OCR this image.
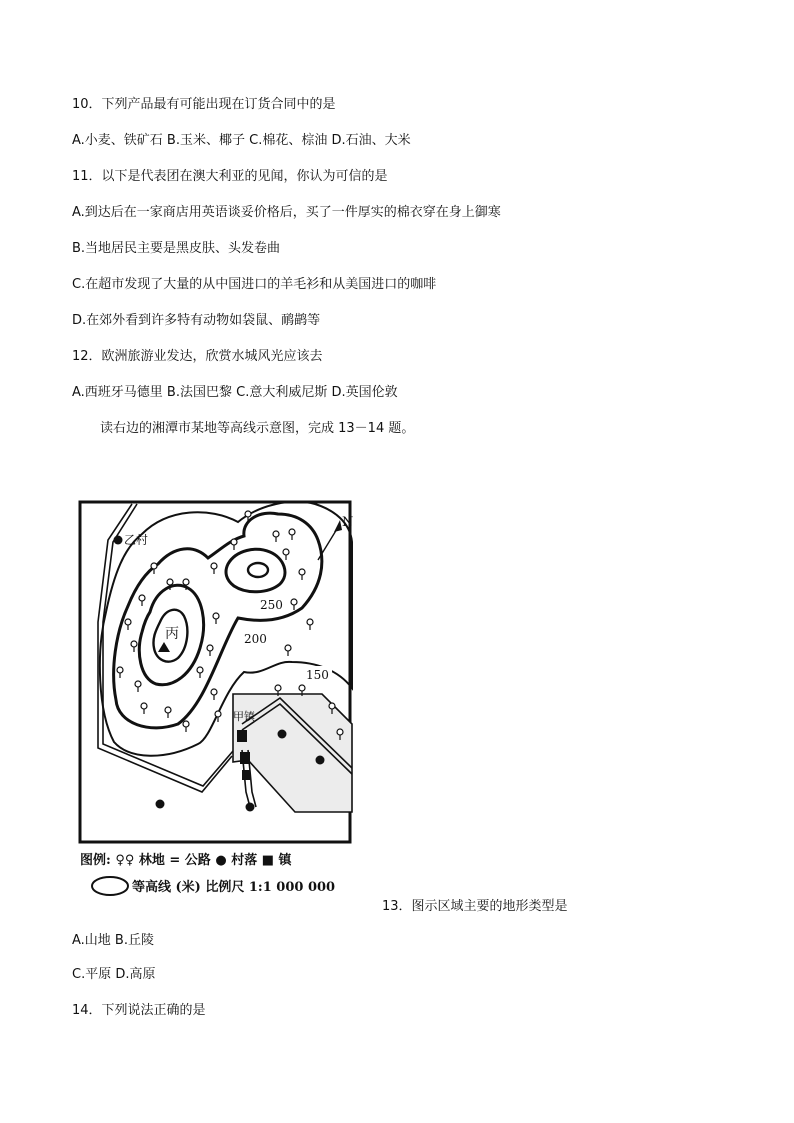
10．下列产品最有可能出现在订货合同中的是
A.小麦、铁矿石 B.玉米、椰子 C.棉花、棕油 D.石油、大米
11．以下是代表团在澳大利亚的见闻，你认为可信的是
A.到达后在一家商店用英语谈妥价格后，买了一件厚实的棉衣穿在身上御寒
B.当地居民主要是黑皮肤、头发卷曲
C.在超市发现了大量的从中国进口的羊毛衫和从美国进口的咖啡
D.在郊外看到许多特有动物如袋鼠、鸸鹋等
12．欧洲旅游业发达，欣赏水城风光应该去
A.西班牙马德里 B.法国巴黎 C.意大利威尼斯 D.英国伦敦
读右边的湘潭市某地等高线示意图，完成 13－14 题。
丙
250
200
150
N
乙村
甲镇
图例: ♀♀ 林地 = 公路 ● 村落 ■ 镇
等高线 (米) 比例尺 1:1 000 000
13．图示区域主要的地形类型是
A.山地 B.丘陵
C.平原 D.高原
14．下列说法正确的是
